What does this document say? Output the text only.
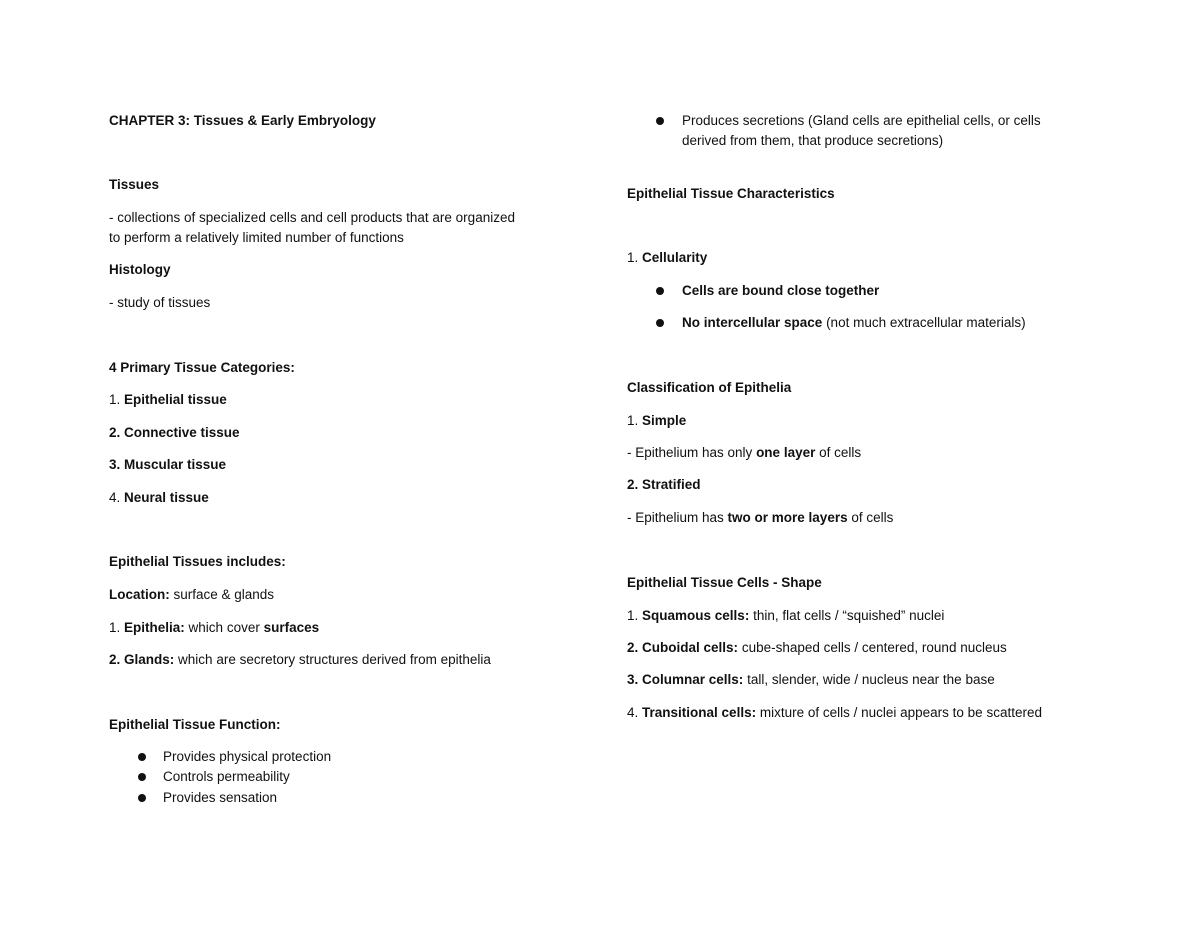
CHAPTER 3: Tissues & Early Embryology
Tissues
- collections of specialized cells and cell products that are organized
to perform a relatively limited number of functions
Histology
- study of tissues
4 Primary Tissue Categories:
1. Epithelial tissue
2. Connective tissue
3. Muscular tissue
4. Neural tissue
Epithelial Tissues includes:
Location: surface & glands
1. Epithelia: which cover surfaces
2. Glands: which are secretory structures derived from epithelia
Epithelial Tissue Function:
Provides physical protection
Controls permeability
Provides sensation
Produces secretions (Gland cells are epithelial cells, or cells
derived from them, that produce secretions)
Epithelial Tissue Characteristics
1. Cellularity
Cells are bound close together
No intercellular space (not much extracellular materials)
Classification of Epithelia
1. Simple
- Epithelium has only one layer of cells
2. Stratified
- Epithelium has two or more layers of cells
Epithelial Tissue Cells - Shape
1. Squamous cells: thin, flat cells / “squished” nuclei
2. Cuboidal cells: cube-shaped cells / centered, round nucleus
3. Columnar cells: tall, slender, wide / nucleus near the base
4. Transitional cells: mixture of cells / nuclei appears to be scattered
